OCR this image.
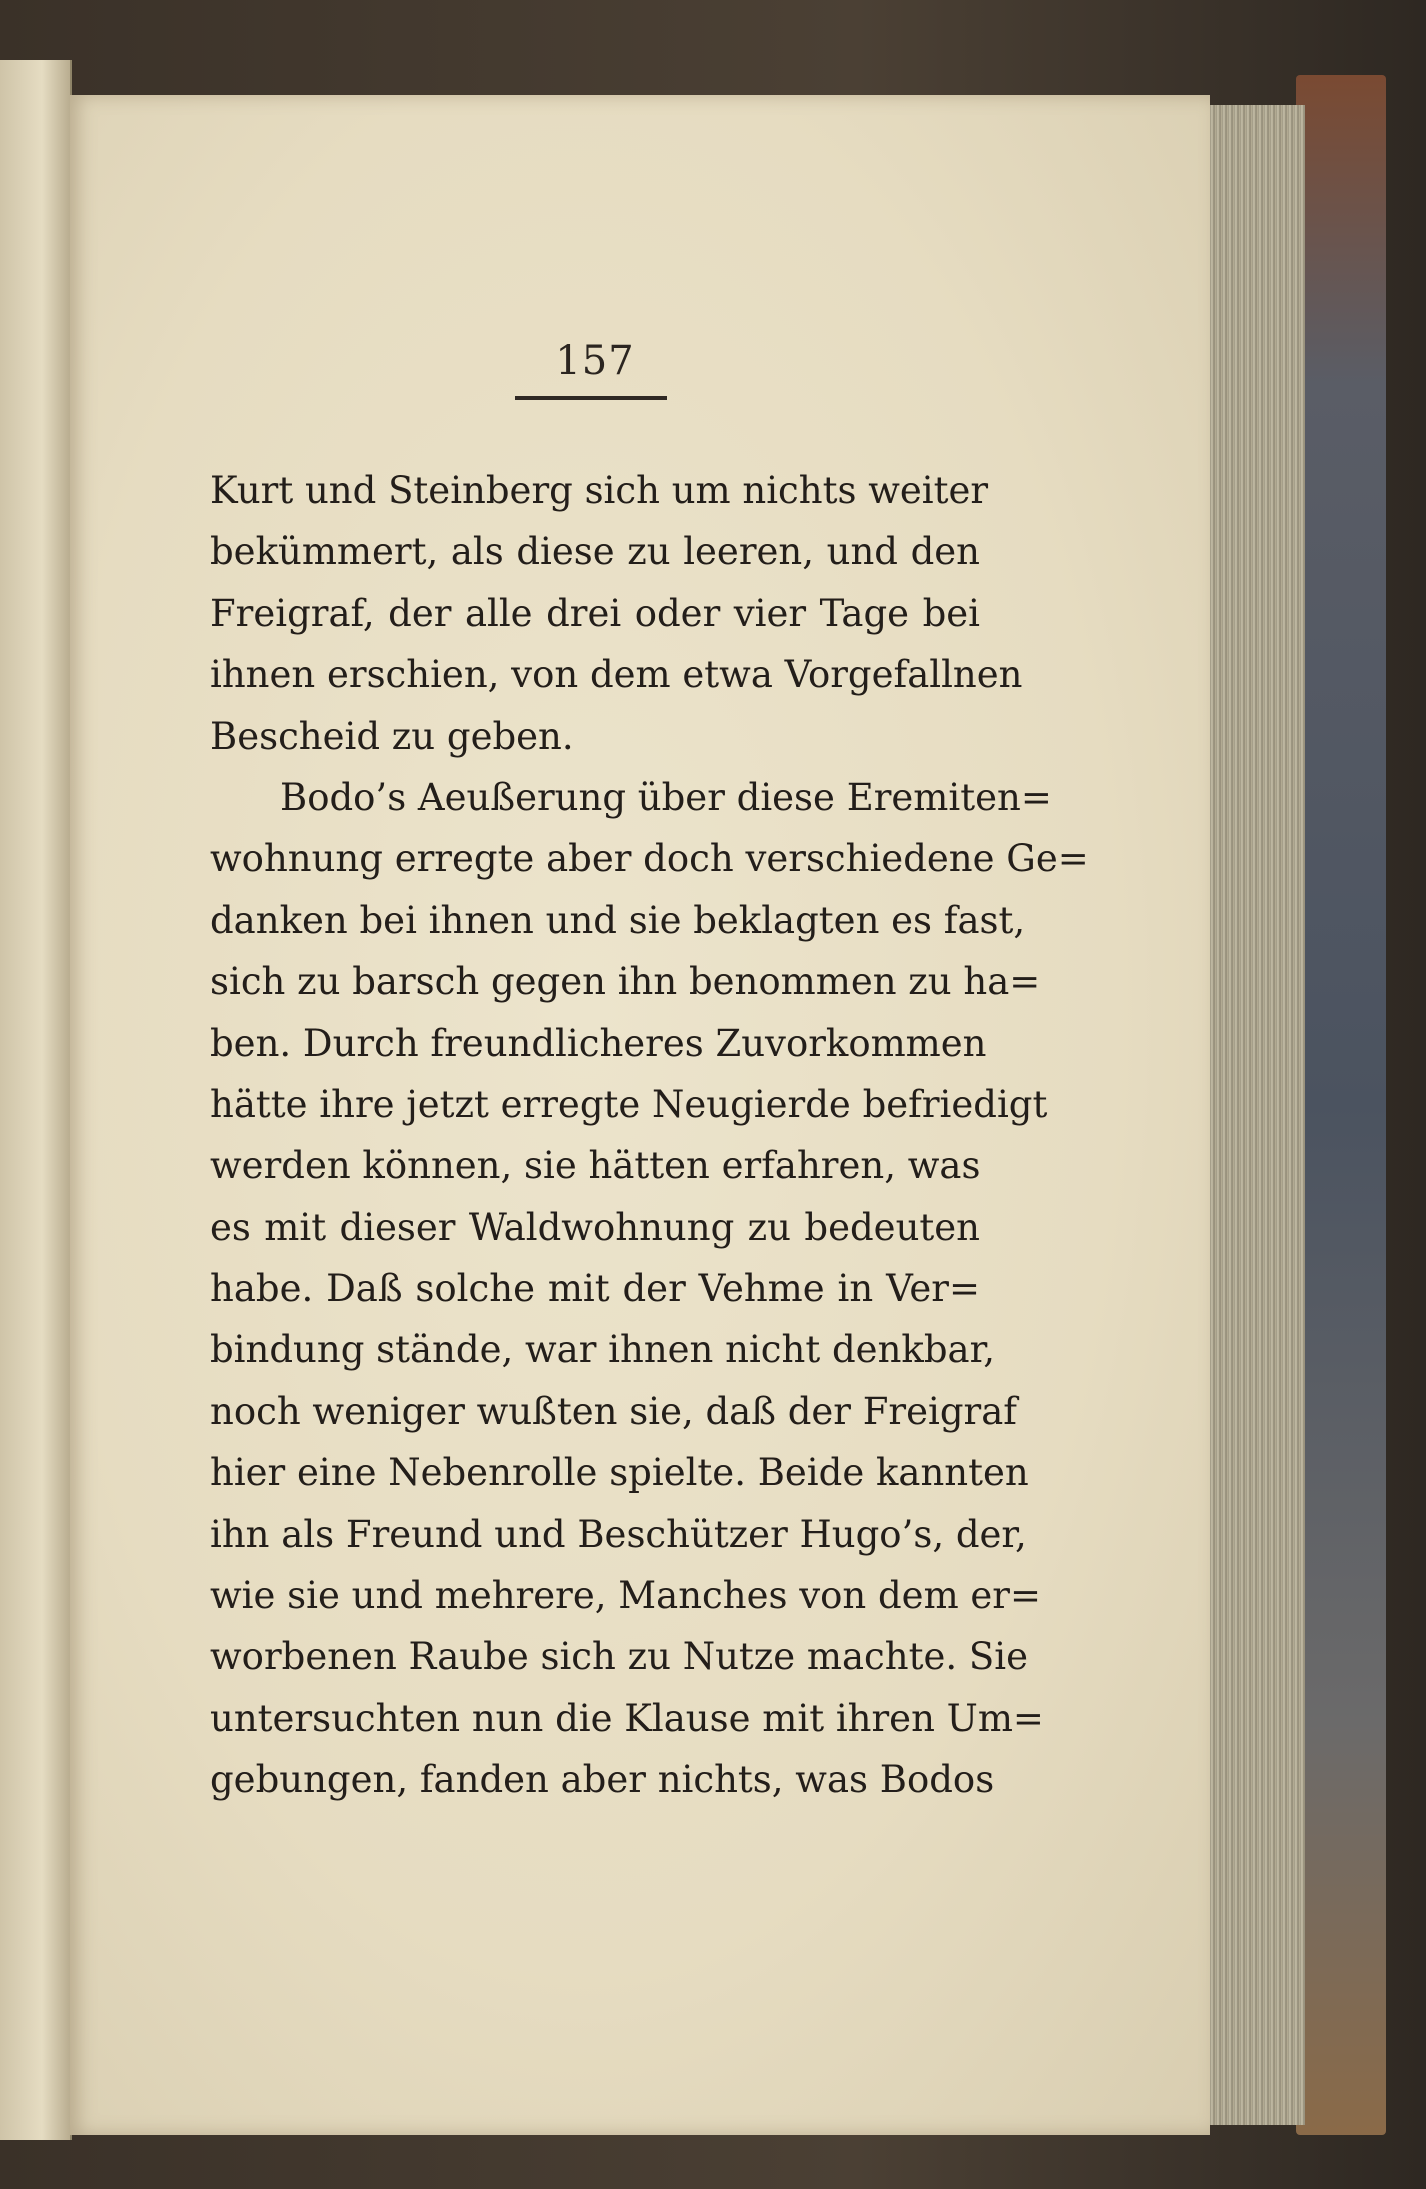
157
Kurt und Steinberg sich um nichts weiter
bekümmert, als diese zu leeren, und den
Freigraf, der alle drei oder vier Tage bei
ihnen erschien, von dem etwa Vorgefallnen
Bescheid zu geben.
Bodo’s Aeußerung über diese Eremiten=
wohnung erregte aber doch verschiedene Ge=
danken bei ihnen und sie beklagten es fast,
sich zu barsch gegen ihn benommen zu ha=
ben. Durch freundlicheres Zuvorkommen
hätte ihre jetzt erregte Neugierde befriedigt
werden können, sie hätten erfahren, was
es mit dieser Waldwohnung zu bedeuten
habe. Daß solche mit der Vehme in Ver=
bindung stände, war ihnen nicht denkbar,
noch weniger wußten sie, daß der Freigraf
hier eine Nebenrolle spielte. Beide kannten
ihn als Freund und Beschützer Hugo’s, der,
wie sie und mehrere, Manches von dem er=
worbenen Raube sich zu Nutze machte. Sie
untersuchten nun die Klause mit ihren Um=
gebungen, fanden aber nichts, was Bodos
